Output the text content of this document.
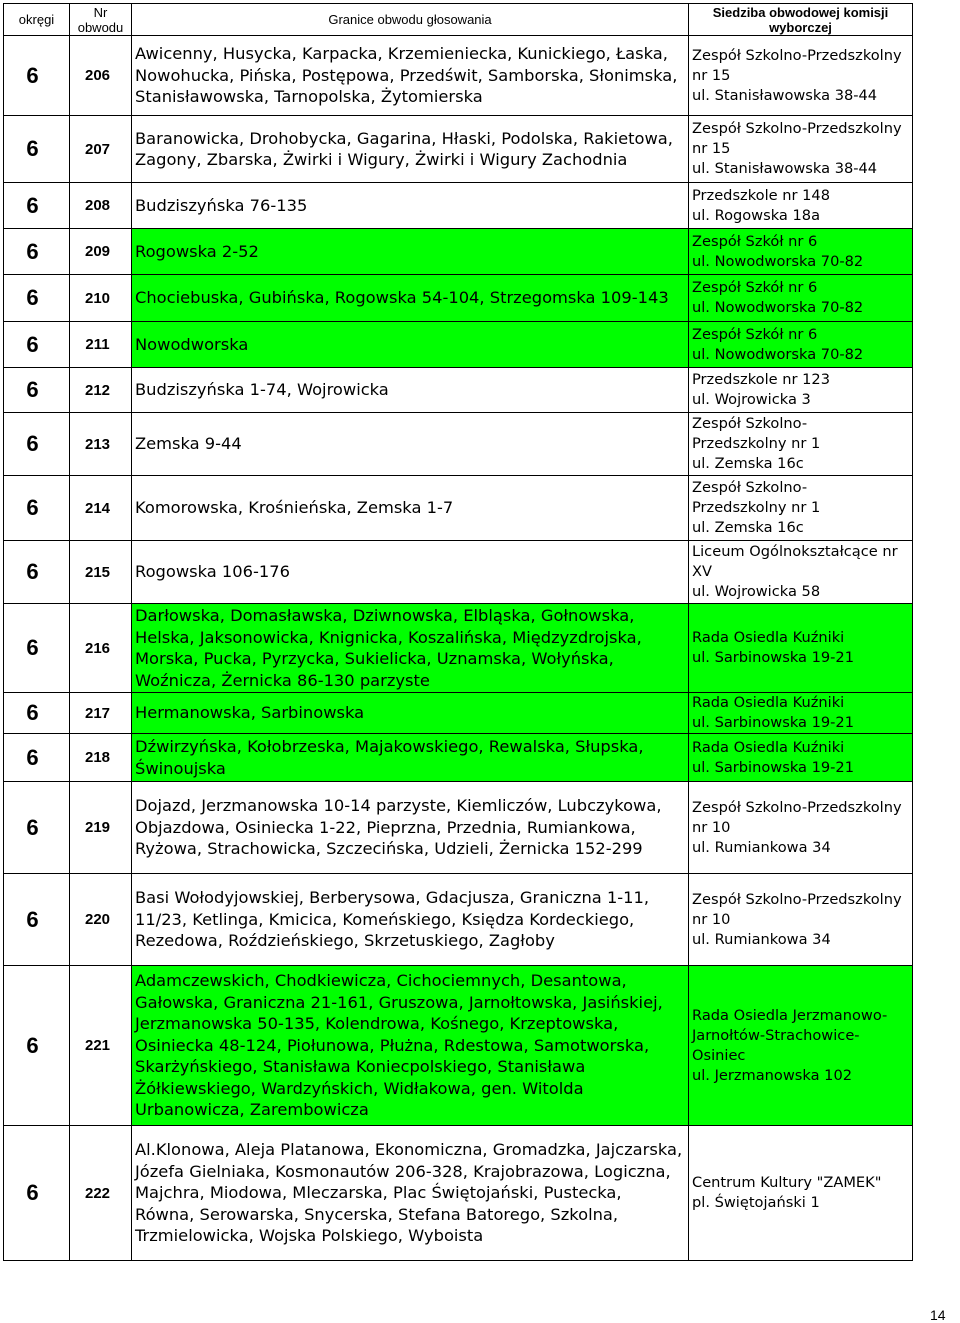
okręgi	Nr obwodu	Granice obwodu głosowania	Siedziba obwodowej komisji wyborczej
6	206	Awicenny, Husycka, Karpacka, Krzemieniecka, Kunickiego, Łaska, Nowohucka, Pińska, Postępowa, Przedświt, Samborska, Słonimska, Stanisławowska, Tarnopolska, Żytomierska	Zespół Szkolno-Przedszkolny nr 15
ul. Stanisławowska 38-44
6	207	Baranowicka, Drohobycka, Gagarina, Hłaski, Podolska, Rakietowa, Zagony, Zbarska, Żwirki i Wigury, Żwirki i Wigury Zachodnia	Zespół Szkolno-Przedszkolny nr 15
ul. Stanisławowska 38-44
6	208	Budziszyńska 76-135	Przedszkole nr 148
ul. Rogowska 18a
6	209	Rogowska 2-52	Zespół Szkół nr 6
ul. Nowodworska 70-82
6	210	Chociebuska, Gubińska, Rogowska 54-104, Strzegomska 109-143	Zespół Szkół nr 6
ul. Nowodworska 70-82
6	211	Nowodworska	Zespół Szkół nr 6
ul. Nowodworska 70-82
6	212	Budziszyńska 1-74, Wojrowicka	Przedszkole nr 123
ul. Wojrowicka 3
6	213	Zemska 9-44	Zespół Szkolno-
Przedszkolny nr 1
ul. Zemska 16c
6	214	Komorowska, Krośnieńska, Zemska 1-7	Zespół Szkolno-
Przedszkolny nr 1
ul. Zemska 16c
6	215	Rogowska 106-176	Liceum Ogólnokształcące nr XV
ul. Wojrowicka 58
6	216	Darłowska, Domasławska, Dziwnowska, Elbląska, Gołnowska, Helska, Jaksonowicka, Knignicka, Koszalińska, Międzyzdrojska, Morska, Pucka, Pyrzycka, Sukielicka, Uznamska, Wołyńska, Woźnicza, Żernicka 86-130 parzyste	Rada Osiedla Kuźniki
ul. Sarbinowska 19-21
6	217	Hermanowska, Sarbinowska	Rada Osiedla Kuźniki
ul. Sarbinowska 19-21
6	218	Dźwirzyńska, Kołobrzeska, Majakowskiego, Rewalska, Słupska, Świnoujska	Rada Osiedla Kuźniki
ul. Sarbinowska 19-21
6	219	Dojazd, Jerzmanowska 10-14 parzyste, Kiemliczów, Lubczykowa, Objazdowa, Osiniecka 1-22, Pieprzna, Przednia, Rumiankowa, Ryżowa, Strachowicka, Szczecińska, Udzieli, Żernicka 152-299	Zespół Szkolno-Przedszkolny nr 10
ul. Rumiankowa 34
6	220	Basi Wołodyjowskiej, Berberysowa, Gdacjusza, Graniczna 1-11, 11/23, Ketlinga, Kmicica, Komeńskiego, Księdza Kordeckiego, Rezedowa, Roździeńskiego, Skrzetuskiego, Zagłoby	Zespół Szkolno-Przedszkolny nr 10
ul. Rumiankowa 34
6	221	Adamczewskich, Chodkiewicza, Cichociemnych, Desantowa, Gałowska, Graniczna 21-161, Gruszowa, Jarnołtowska, Jasińskiej, Jerzmanowska 50-135, Kolendrowa, Kośnego, Krzeptowska, Osiniecka 48-124, Piołunowa, Płużna, Rdestowa, Samotworska, Skarżyńskiego, Stanisława Koniecpolskiego, Stanisława Żółkiewskiego, Wardzyńskich, Widłakowa, gen. Witolda Urbanowicza, Zarembowicza	Rada Osiedla Jerzmanowo-Jarnołtów-Strachowice-Osiniec
ul. Jerzmanowska 102
6	222	Al.Klonowa, Aleja Platanowa, Ekonomiczna, Gromadzka, Jajczarska, Józefa Gielniaka, Kosmonautów 206-328, Krajobrazowa, Logiczna, Majchra, Miodowa, Mleczarska, Plac Świętojański, Pustecka, Równa, Serowarska, Snycerska, Stefana Batorego, Szkolna, Trzmielowicka, Wojska Polskiego, Wyboista	Centrum Kultury "ZAMEK"
pl. Świętojański 1
14
